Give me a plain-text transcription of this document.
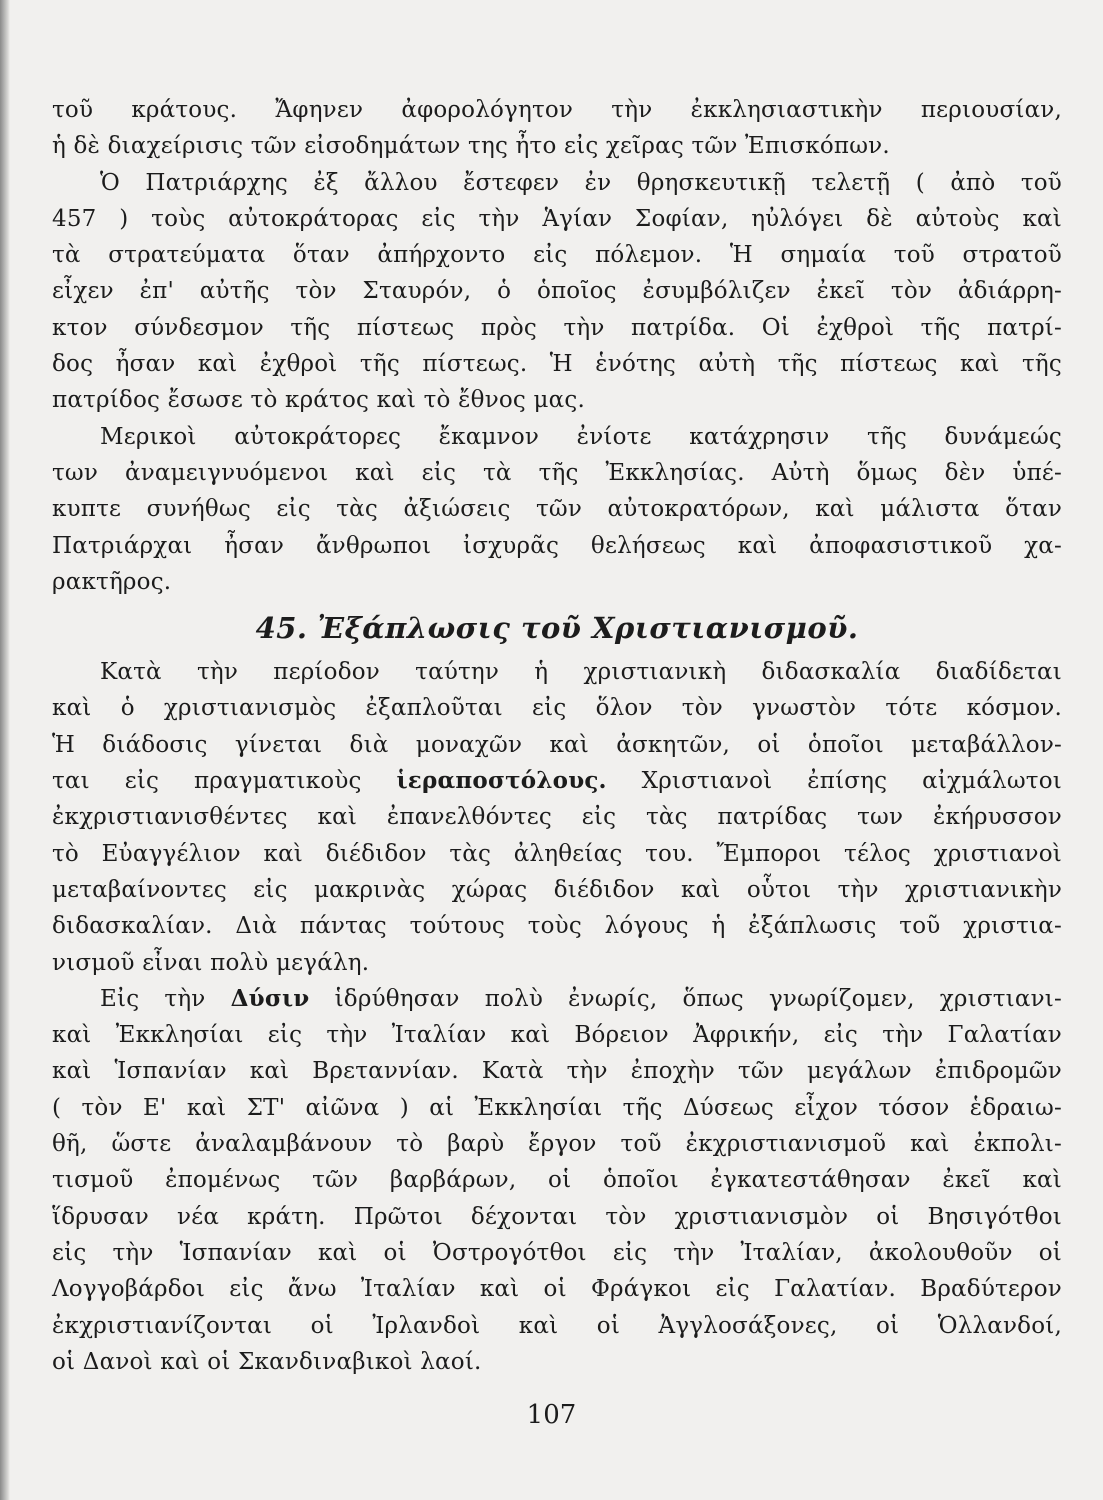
τοῦ κράτους. Ἄφηνεν ἀφορολόγητον τὴν ἐκκλησιαστικὴν περιουσίαν,
ἡ δὲ διαχείρισις τῶν εἰσοδημάτων της ἦτο εἰς χεῖρας τῶν Ἐπισκόπων.
Ὁ Πατριάρχης ἐξ ἄλλου ἔστεφεν ἐν θρησκευτικῇ τελετῇ ( ἀπὸ τοῦ
457 ) τοὺς αὐτοκράτορας εἰς τὴν Ἁγίαν Σοφίαν, ηὐλόγει δὲ αὐτοὺς καὶ
τὰ στρατεύματα ὅταν ἀπήρχοντο εἰς πόλεμον. Ἡ σημαία τοῦ στρατοῦ
εἶχεν ἐπ' αὐτῆς τὸν Σταυρόν, ὁ ὁποῖος ἐσυμβόλιζεν ἐκεῖ τὸν ἀδιάρρη-
κτον σύνδεσμον τῆς πίστεως πρὸς τὴν πατρίδα. Οἱ ἐχθροὶ τῆς πατρί-
δος ἦσαν καὶ ἐχθροὶ τῆς πίστεως. Ἡ ἑνότης αὐτὴ τῆς πίστεως καὶ τῆς
πατρίδος ἔσωσε τὸ κράτος καὶ τὸ ἔθνος μας.
Μερικοὶ αὐτοκράτορες ἔκαμνον ἐνίοτε κατάχρησιν τῆς δυνάμεώς
των ἀναμειγνυόμενοι καὶ εἰς τὰ τῆς Ἐκκλησίας. Αὐτὴ ὅμως δὲν ὑπέ-
κυπτε συνήθως εἰς τὰς ἀξιώσεις τῶν αὐτοκρατόρων, καὶ μάλιστα ὅταν
Πατριάρχαι ἦσαν ἄνθρωποι ἰσχυρᾶς θελήσεως καὶ ἀποφασιστικοῦ χα-
ρακτῆρος.
45. Ἐξάπλωσις τοῦ Χριστιανισμοῦ.
Κατὰ τὴν περίοδον ταύτην ἡ χριστιανικὴ διδασκαλία διαδίδεται
καὶ ὁ χριστιανισμὸς ἐξαπλοῦται εἰς ὅλον τὸν γνωστὸν τότε κόσμον.
Ἡ διάδοσις γίνεται διὰ μοναχῶν καὶ ἀσκητῶν, οἱ ὁποῖοι μεταβάλλον-
ται εἰς πραγματικοὺς ἱεραποστόλους. Χριστιανοὶ ἐπίσης αἰχμάλωτοι
ἐκχριστιανισθέντες καὶ ἐπανελθόντες εἰς τὰς πατρίδας των ἐκήρυσσον
τὸ Εὐαγγέλιον καὶ διέδιδον τὰς ἀληθείας του. Ἔμποροι τέλος χριστιανοὶ
μεταβαίνοντες εἰς μακρινὰς χώρας διέδιδον καὶ οὗτοι τὴν χριστιανικὴν
διδασκαλίαν. Διὰ πάντας τούτους τοὺς λόγους ἡ ἐξάπλωσις τοῦ χριστια-
νισμοῦ εἶναι πολὺ μεγάλη.
Εἰς τὴν Δύσιν ἱδρύθησαν πολὺ ἐνωρίς, ὅπως γνωρίζομεν, χριστιανι-
καὶ Ἐκκλησίαι εἰς τὴν Ἰταλίαν καὶ Βόρειον Ἀφρικήν, εἰς τὴν Γαλατίαν
καὶ Ἱσπανίαν καὶ Βρεταννίαν. Κατὰ τὴν ἐποχὴν τῶν μεγάλων ἐπιδρομῶν
( τὸν Ε' καὶ ΣΤ' αἰῶνα ) αἱ Ἐκκλησίαι τῆς Δύσεως εἶχον τόσον ἑδραιω-
θῆ, ὥστε ἀναλαμβάνουν τὸ βαρὺ ἔργον τοῦ ἐκχριστιανισμοῦ καὶ ἐκπολι-
τισμοῦ ἐπομένως τῶν βαρβάρων, οἱ ὁποῖοι ἐγκατεστάθησαν ἐκεῖ καὶ
ἵδρυσαν νέα κράτη. Πρῶτοι δέχονται τὸν χριστιανισμὸν οἱ Βησιγότθοι
εἰς τὴν Ἱσπανίαν καὶ οἱ Ὀστρογότθοι εἰς τὴν Ἰταλίαν, ἀκολουθοῦν οἱ
Λογγοβάρδοι εἰς ἄνω Ἰταλίαν καὶ οἱ Φράγκοι εἰς Γαλατίαν. Βραδύτερον
ἐκχριστιανίζονται οἱ Ἰρλανδοὶ καὶ οἱ Ἀγγλοσάξονες, οἱ Ὁλλανδοί,
οἱ Δανοὶ καὶ οἱ Σκανδιναβικοὶ λαοί.
107
